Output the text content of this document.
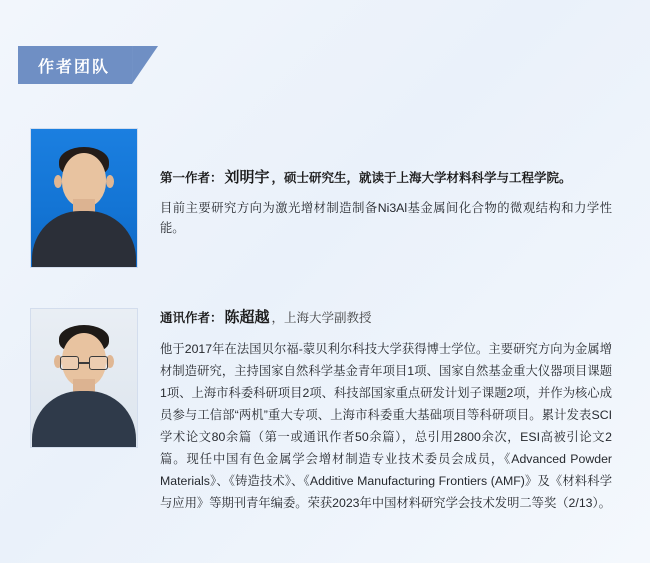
作者团队
第一作者： 刘明宇 ，硕士研究生，就读于上海大学材料科学与工程学院。
目前主要研究方向为激光增材制造制备Ni3Al基金属间化合物的微观结构和力学性能。
通讯作者： 陈超越 ，上海大学副教授
他于2017年在法国贝尔福-蒙贝利尔科技大学获得博士学位。主要研究方向为金属增材制造研究，主持国家自然科学基金青年项目1项、国家自然基金重大仪器项目课题1项、上海市科委科研项目2项、科技部国家重点研发计划子课题2项，并作为核心成员参与工信部“两机”重大专项、上海市科委重大基础项目等科研项目。累计发表SCI学术论文80余篇（第一或通讯作者50余篇），总引用2800余次，ESI高被引论文2篇。现任中国有色金属学会增材制造专业技术委员会成员，《Advanced Powder Materials》、《铸造技术》、《Additive Manufacturing Frontiers (AMF)》及《材料科学与应用》等期刊青年编委。荣获2023年中国材料研究学会技术发明二等奖（2/13）。
